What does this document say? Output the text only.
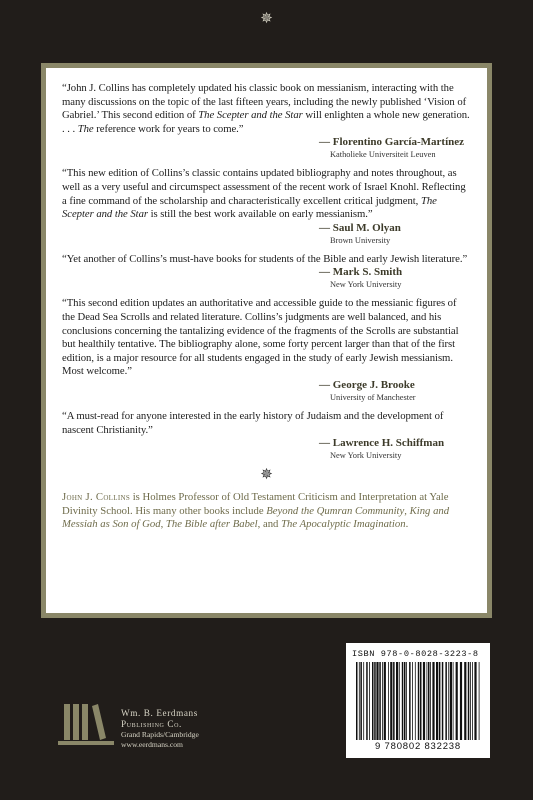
✵

“John J. Collins has completely updated his classic book on messianism, interacting with the many discussions on the topic of the last fifteen years, including the newly published ‘Vision of Gabriel.’ This second edition of The Scepter and the Star will enlighten a whole new generation. . . . The reference work for years to come.”

— Florentino García-Martínez
Katholieke Universiteit Leuven

“This new edition of Collins’s classic contains updated bibliography and notes throughout, as well as a very useful and circumspect assessment of the recent work of Israel Knohl. Reflecting a fine command of the scholarship and characteristically excellent critical judgment, The Scepter and the Star is still the best work available on early messianism.”

— Saul M. Olyan
Brown University

“Yet another of Collins’s must-have books for students of the Bible and early Jewish literature.”

— Mark S. Smith
New York University

“This second edition updates an authoritative and accessible guide to the messianic figures of the Dead Sea Scrolls and related literature. Collins’s judgments are well balanced, and his conclusions concerning the tantalizing evidence of the fragments of the Scrolls are substantial but healthily tentative. The bibliography alone, some forty percent larger than that of the first edition, is a major resource for all students engaged in the study of early Jewish messianism. Most welcome.”

— George J. Brooke
University of Manchester

“A must-read for anyone interested in the early history of Judaism and the development of nascent Christianity.”

— Lawrence H. Schiffman
New York University
✵

John J. Collins is Holmes Professor of Old Testament Criticism and Interpretation at Yale Divinity School. His many other books include Beyond the Qumran Community, King and Messiah as Son of God, The Bible after Babel, and The Apocalyptic Imagination.

ISBN 978-0-8028-3223-8
9 780802 832238
Wm. B. Eerdmans
Publishing Co.
Grand Rapids/Cambridge
www.eerdmans.com
